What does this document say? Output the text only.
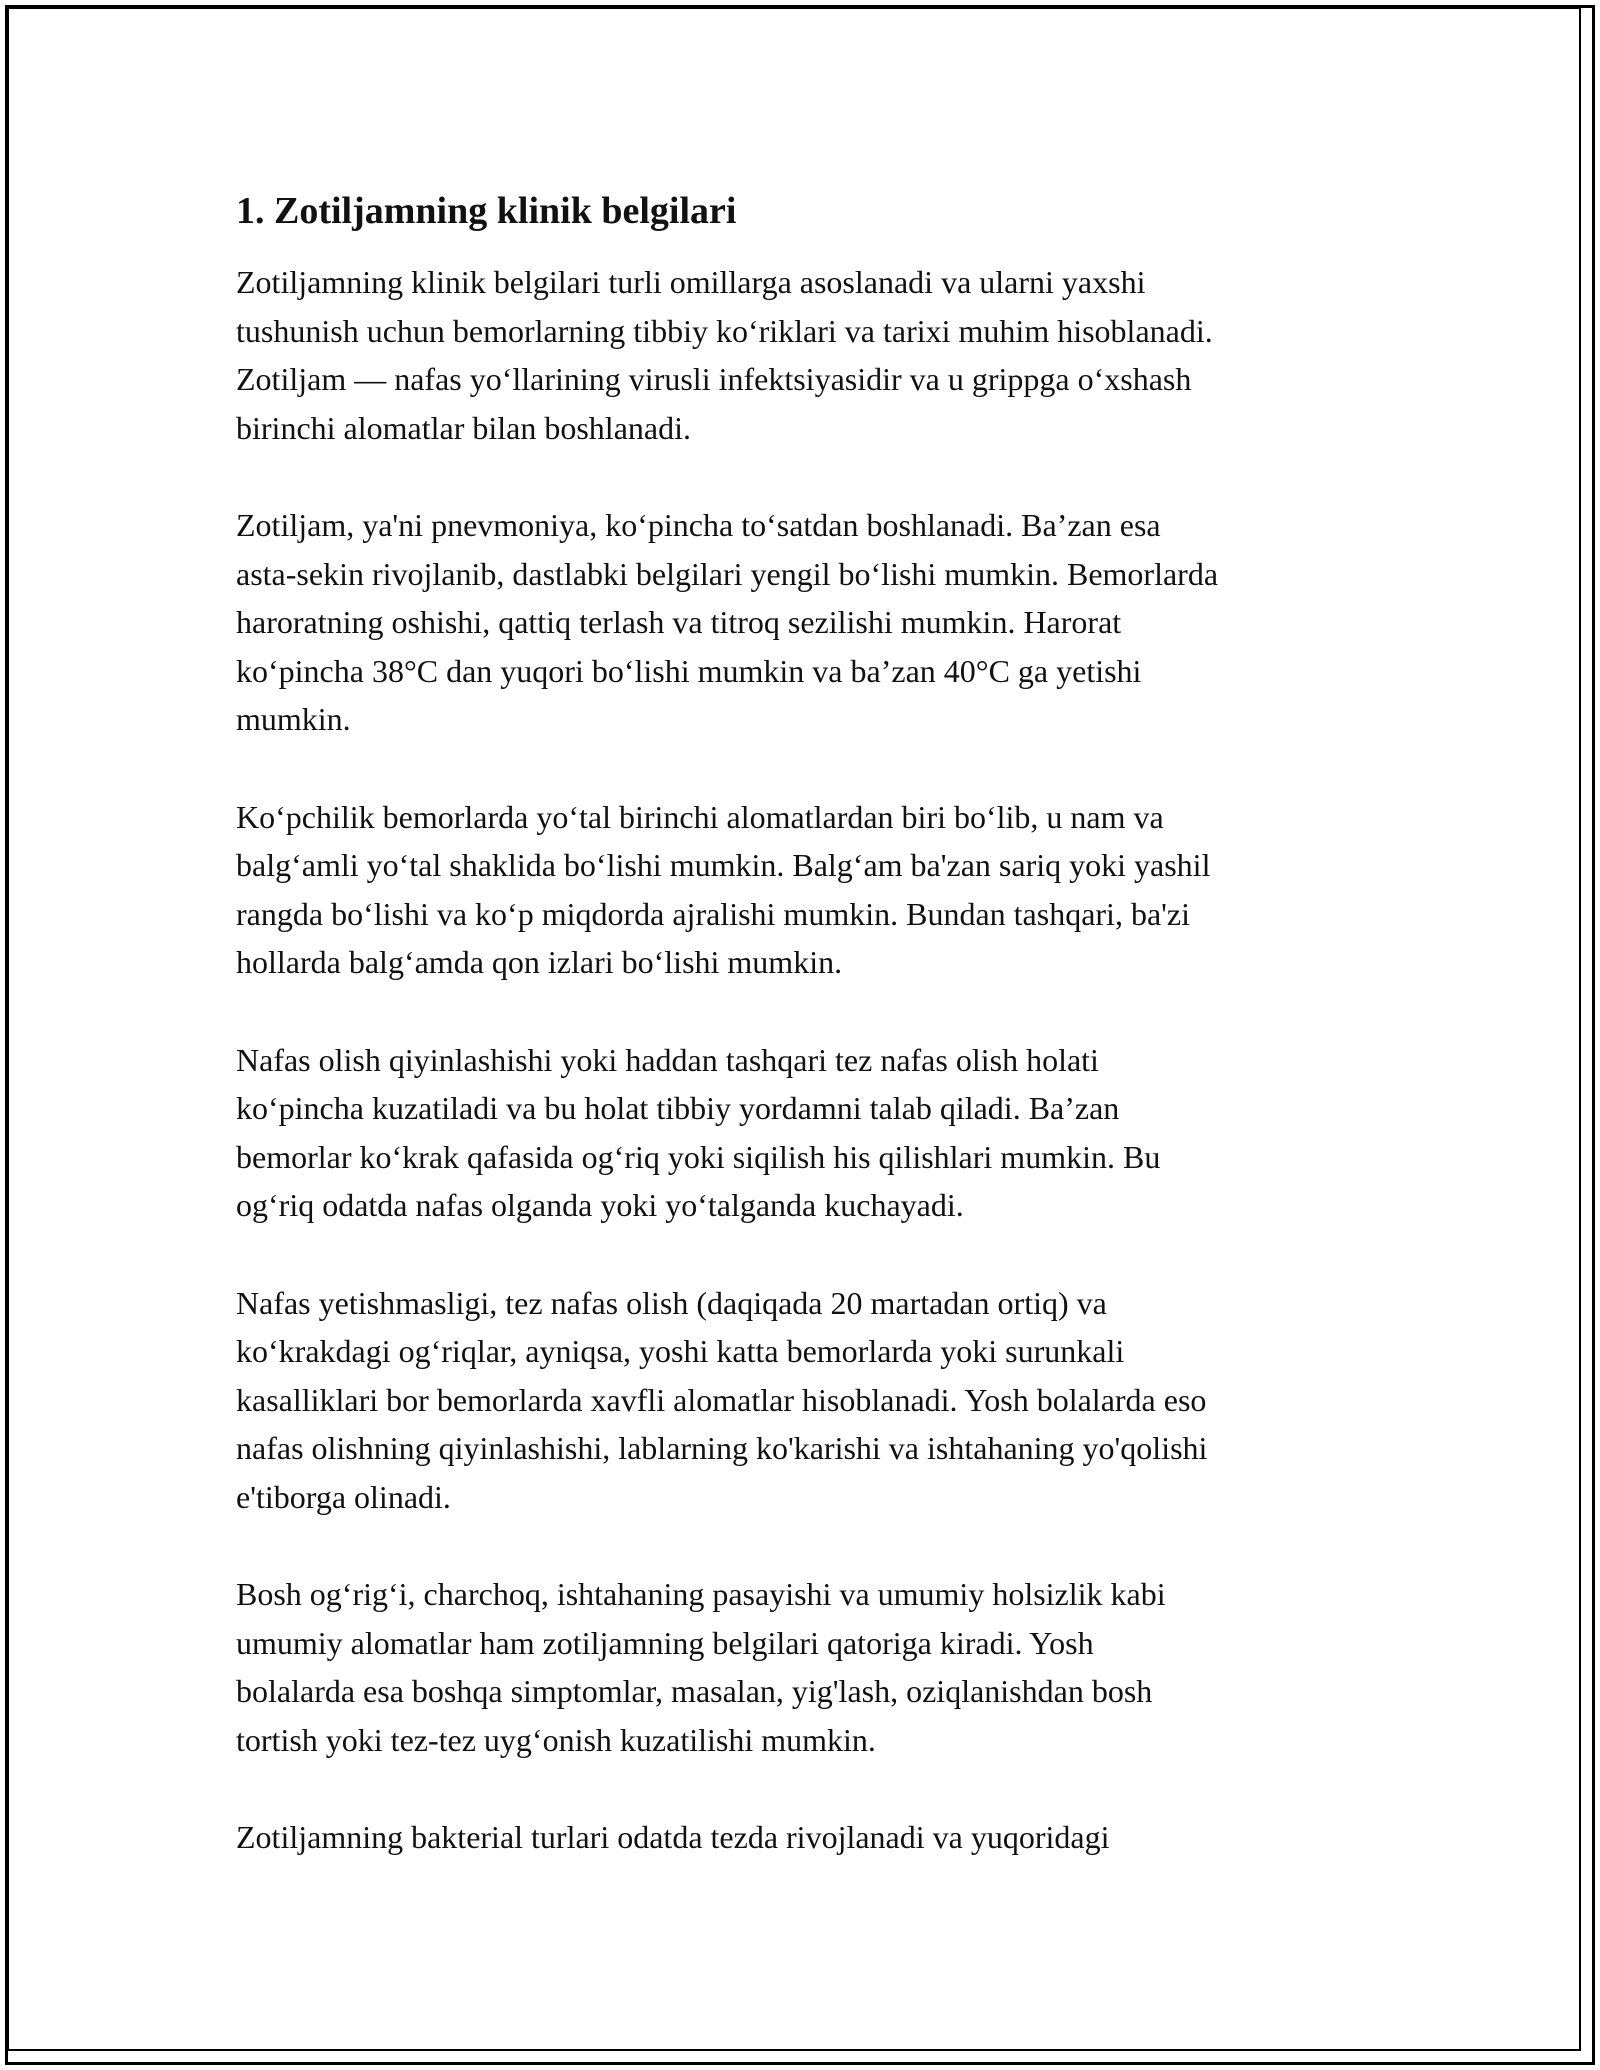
1. Zotiljamning klinik belgilari

Zotiljamning klinik belgilari turli omillarga asoslanadi va ularni yaxshi
tushunish uchun bemorlarning tibbiy ko‘riklari va tarixi muhim hisoblanadi.
Zotiljam — nafas yo‘llarining virusli infektsiyasidir va u grippga o‘xshash
birinchi alomatlar bilan boshlanadi.

Zotiljam, ya'ni pnevmoniya, ko‘pincha to‘satdan boshlanadi. Ba’zan esa
asta-sekin rivojlanib, dastlabki belgilari yengil bo‘lishi mumkin. Bemorlarda
haroratning oshishi, qattiq terlash va titroq sezilishi mumkin. Harorat
ko‘pincha 38°C dan yuqori bo‘lishi mumkin va ba’zan 40°C ga yetishi
mumkin.

Ko‘pchilik bemorlarda yo‘tal birinchi alomatlardan biri bo‘lib, u nam va
balg‘amli yo‘tal shaklida bo‘lishi mumkin. Balg‘am ba'zan sariq yoki yashil
rangda bo‘lishi va ko‘p miqdorda ajralishi mumkin. Bundan tashqari, ba'zi
hollarda balg‘amda qon izlari bo‘lishi mumkin.

Nafas olish qiyinlashishi yoki haddan tashqari tez nafas olish holati
ko‘pincha kuzatiladi va bu holat tibbiy yordamni talab qiladi. Ba’zan
bemorlar ko‘krak qafasida og‘riq yoki siqilish his qilishlari mumkin. Bu
og‘riq odatda nafas olganda yoki yo‘talganda kuchayadi.

Nafas yetishmasligi, tez nafas olish (daqiqada 20 martadan ortiq) va
ko‘krakdagi og‘riqlar, ayniqsa, yoshi katta bemorlarda yoki surunkali
kasalliklari bor bemorlarda xavfli alomatlar hisoblanadi. Yosh bolalarda eso
nafas olishning qiyinlashishi, lablarning ko'karishi va ishtahaning yo'qolishi
e'tiborga olinadi.

Bosh og‘rig‘i, charchoq, ishtahaning pasayishi va umumiy holsizlik kabi
umumiy alomatlar ham zotiljamning belgilari qatoriga kiradi. Yosh
bolalarda esa boshqa simptomlar, masalan, yig'lash, oziqlanishdan bosh
tortish yoki tez-tez uyg‘onish kuzatilishi mumkin.

Zotiljamning bakterial turlari odatda tezda rivojlanadi va yuqoridagi
